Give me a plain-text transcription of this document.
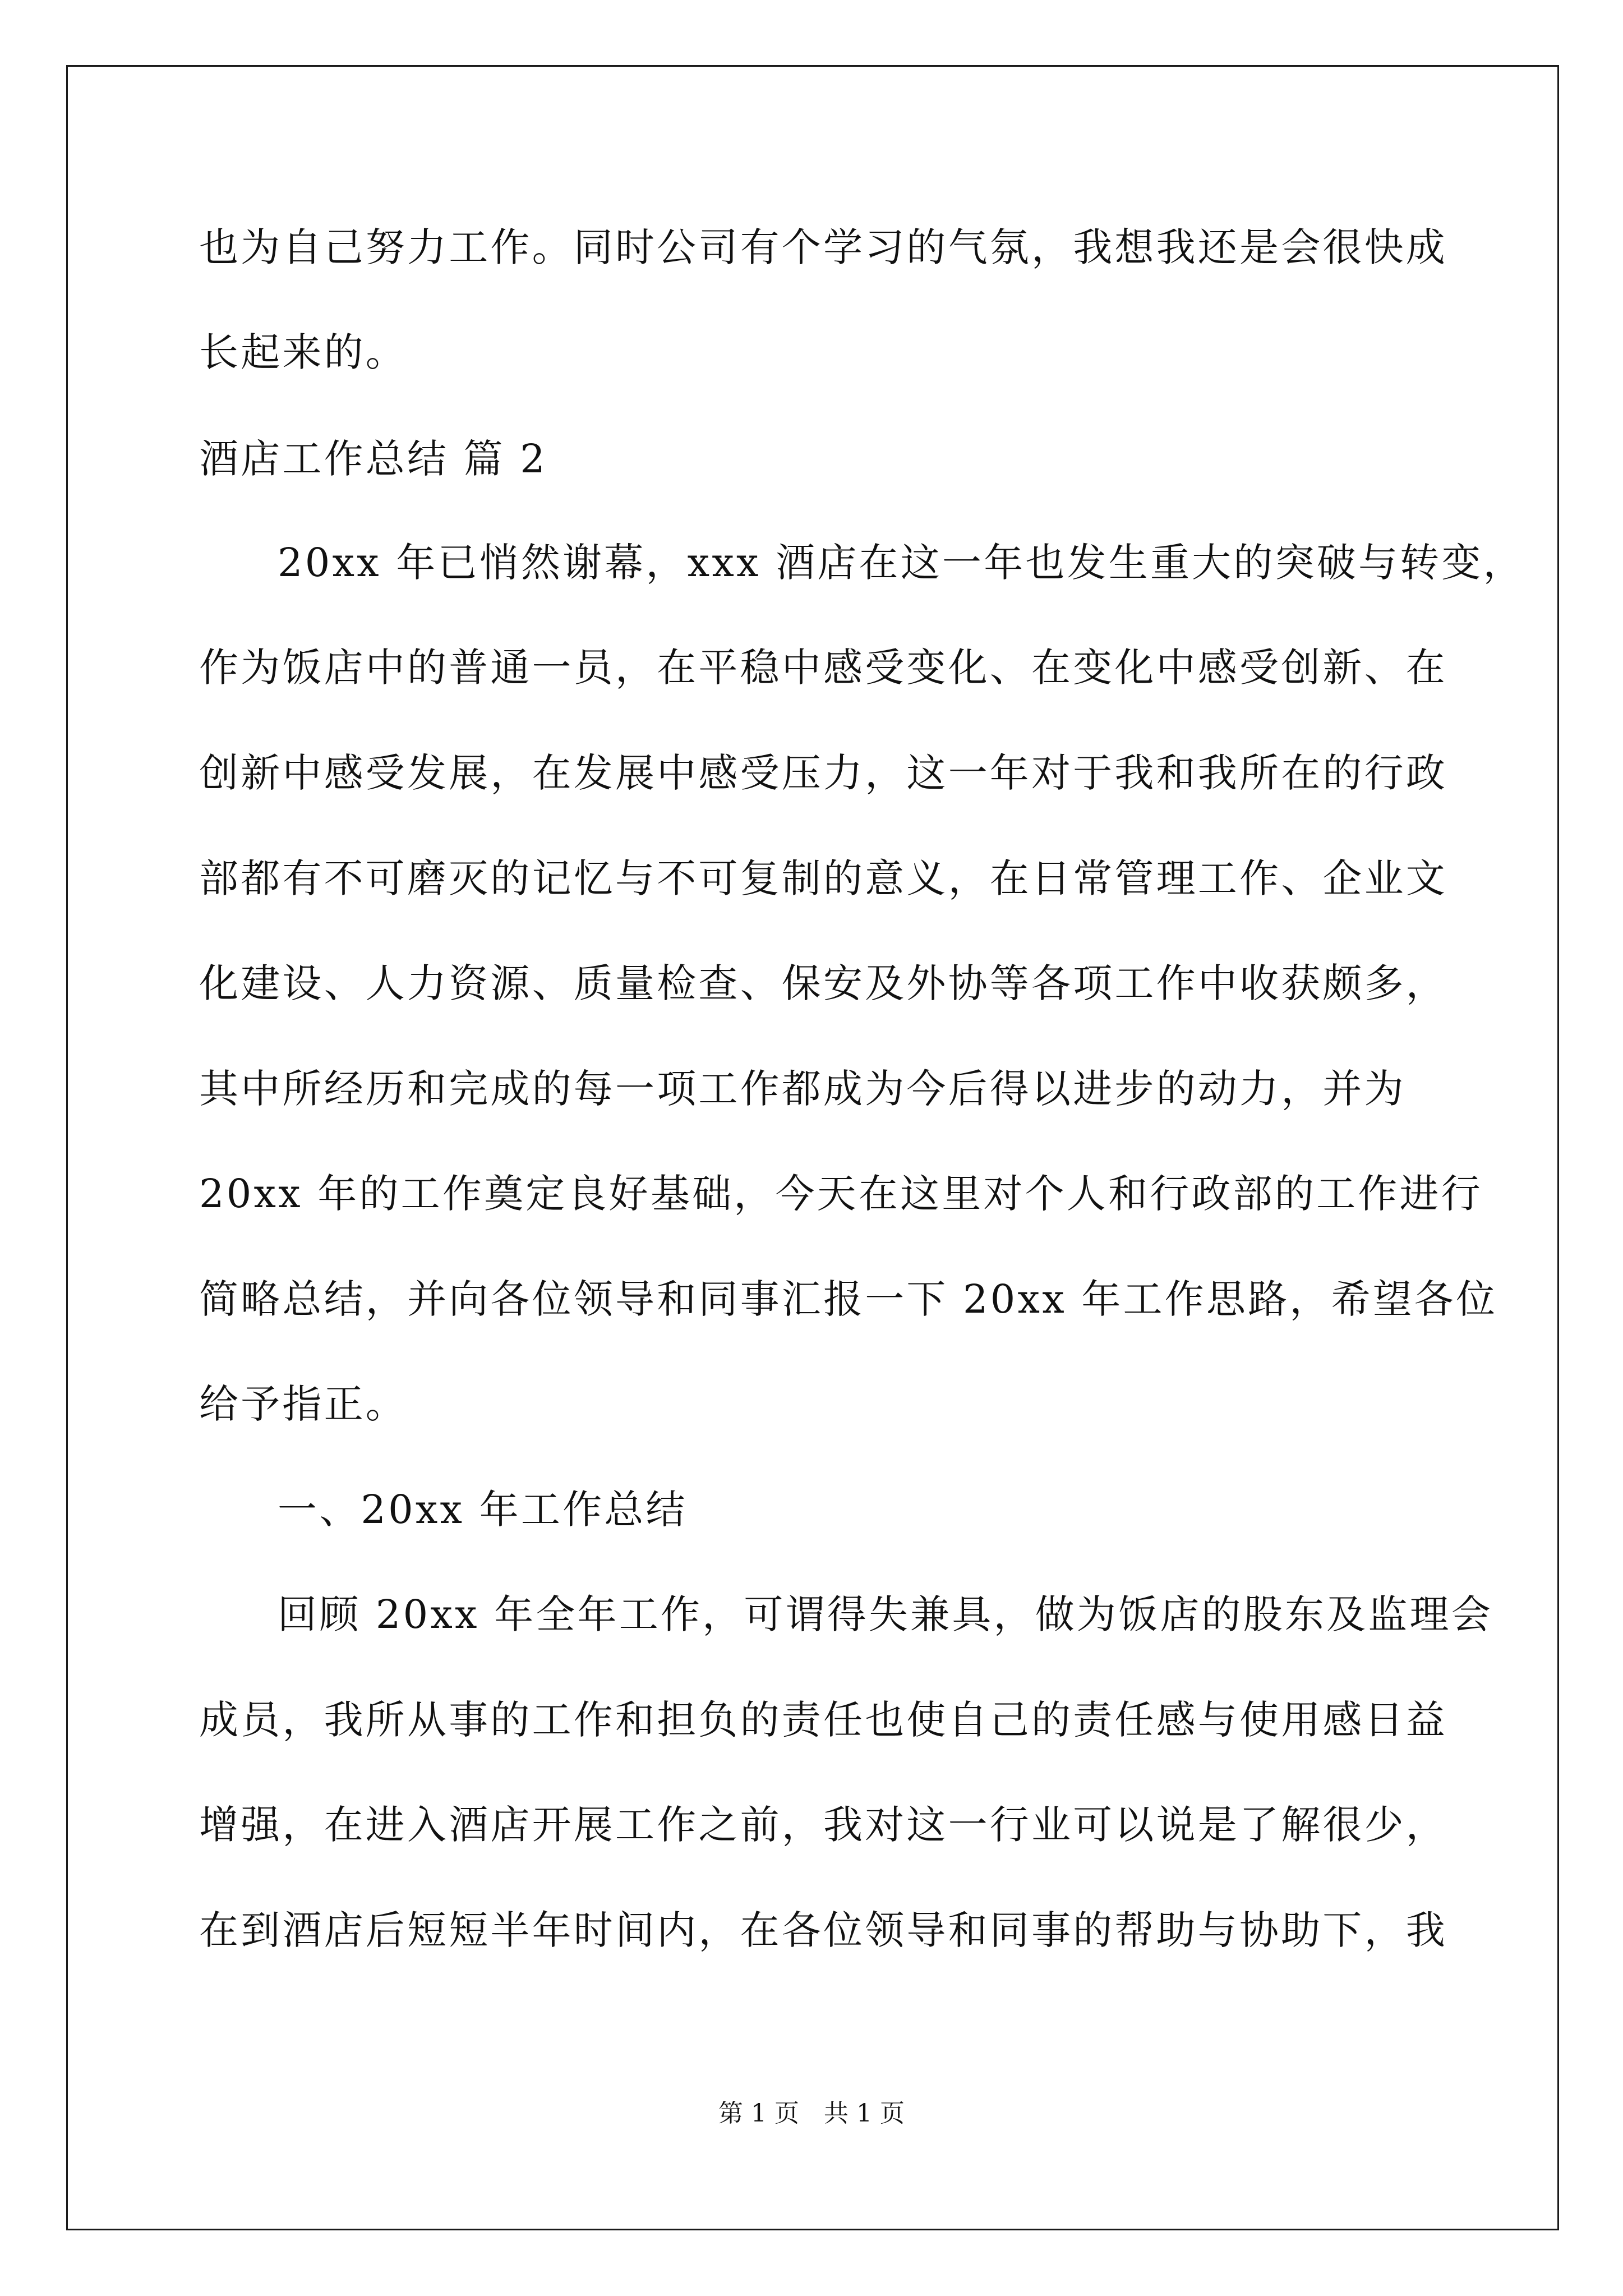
也为自己努力工作。同时公司有个学习的气氛，我想我还是会很快成
长起来的。
酒店工作总结 篇 2
20xx 年已悄然谢幕，xxx 酒店在这一年也发生重大的突破与转变，
作为饭店中的普通一员，在平稳中感受变化、在变化中感受创新、在
创新中感受发展，在发展中感受压力，这一年对于我和我所在的行政
部都有不可磨灭的记忆与不可复制的意义，在日常管理工作、企业文
化建设、人力资源、质量检查、保安及外协等各项工作中收获颇多，
其中所经历和完成的每一项工作都成为今后得以进步的动力，并为
20xx 年的工作奠定良好基础，今天在这里对个人和行政部的工作进行
简略总结，并向各位领导和同事汇报一下 20xx 年工作思路，希望各位
给予指正。
一、20xx 年工作总结
回顾 20xx 年全年工作，可谓得失兼具，做为饭店的股东及监理会
成员，我所从事的工作和担负的责任也使自己的责任感与使用感日益
增强，在进入酒店开展工作之前，我对这一行业可以说是了解很少，
在到酒店后短短半年时间内，在各位领导和同事的帮助与协助下，我
第 1 页　共 1 页
